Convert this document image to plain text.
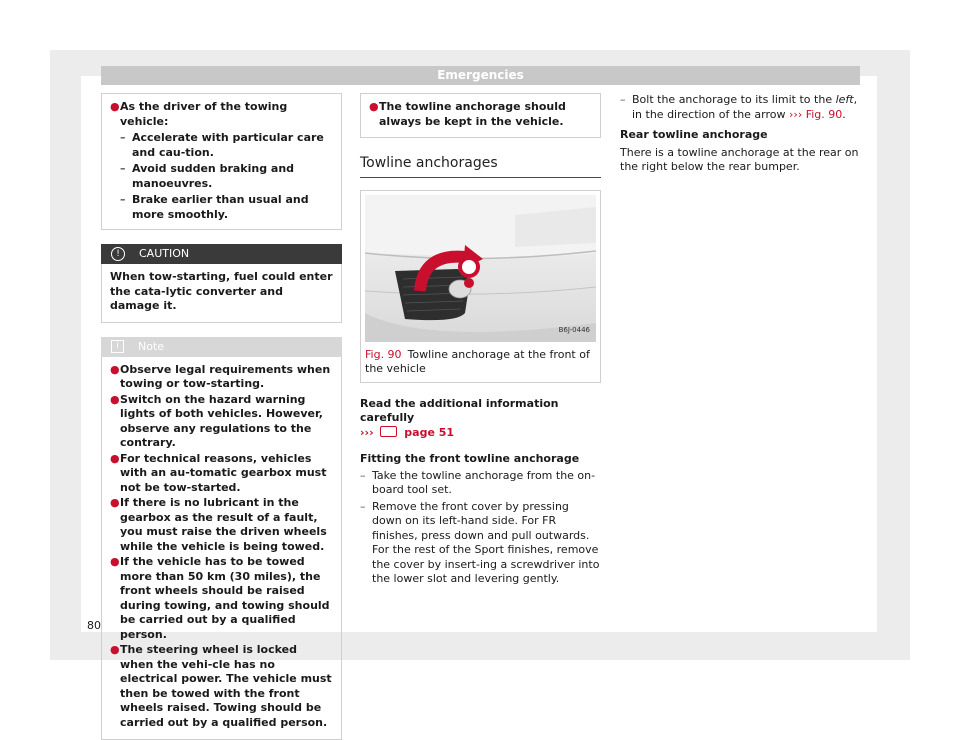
Emergencies
● As the driver of the towing vehicle:
– Accelerate with particular care and cau-tion.
– Avoid sudden braking and manoeuvres.
– Brake earlier than usual and more smoothly.
!	CAUTION
When tow-starting, fuel could enter the cata-lytic converter and damage it.
i	Note
● Observe legal requirements when towing or tow-starting.
● Switch on the hazard warning lights of both vehicles. However, observe any regulations to the contrary.
● For technical reasons, vehicles with an au-tomatic gearbox must not be tow-started.
● If there is no lubricant in the gearbox as the result of a fault, you must raise the driven wheels while the vehicle is being towed.
● If the vehicle has to be towed more than 50 km (30 miles), the front wheels should be raised during towing, and towing should be carried out by a qualified person.
● The steering wheel is locked when the vehi-cle has no electrical power. The vehicle must then be towed with the front wheels raised. Towing should be carried out by a qualified person.
● The towline anchorage should always be kept in the vehicle.
Towline anchorages
B6J-0446
Fig. 90 Towline anchorage at the front of the vehicle
Read the additional information carefully
›››	page 51
Fitting the front towline anchorage
– Take the towline anchorage from the on-board tool set.
– Remove the front cover by pressing down on its left-hand side. For FR finishes, press down and pull outwards. For the rest of the Sport finishes, remove the cover by insert-ing a screwdriver into the lower slot and levering gently.
– Bolt the anchorage to its limit to the left, in the direction of the arrow ››› Fig. 90.
Rear towline anchorage
There is a towline anchorage at the rear on the right below the rear bumper.
80
